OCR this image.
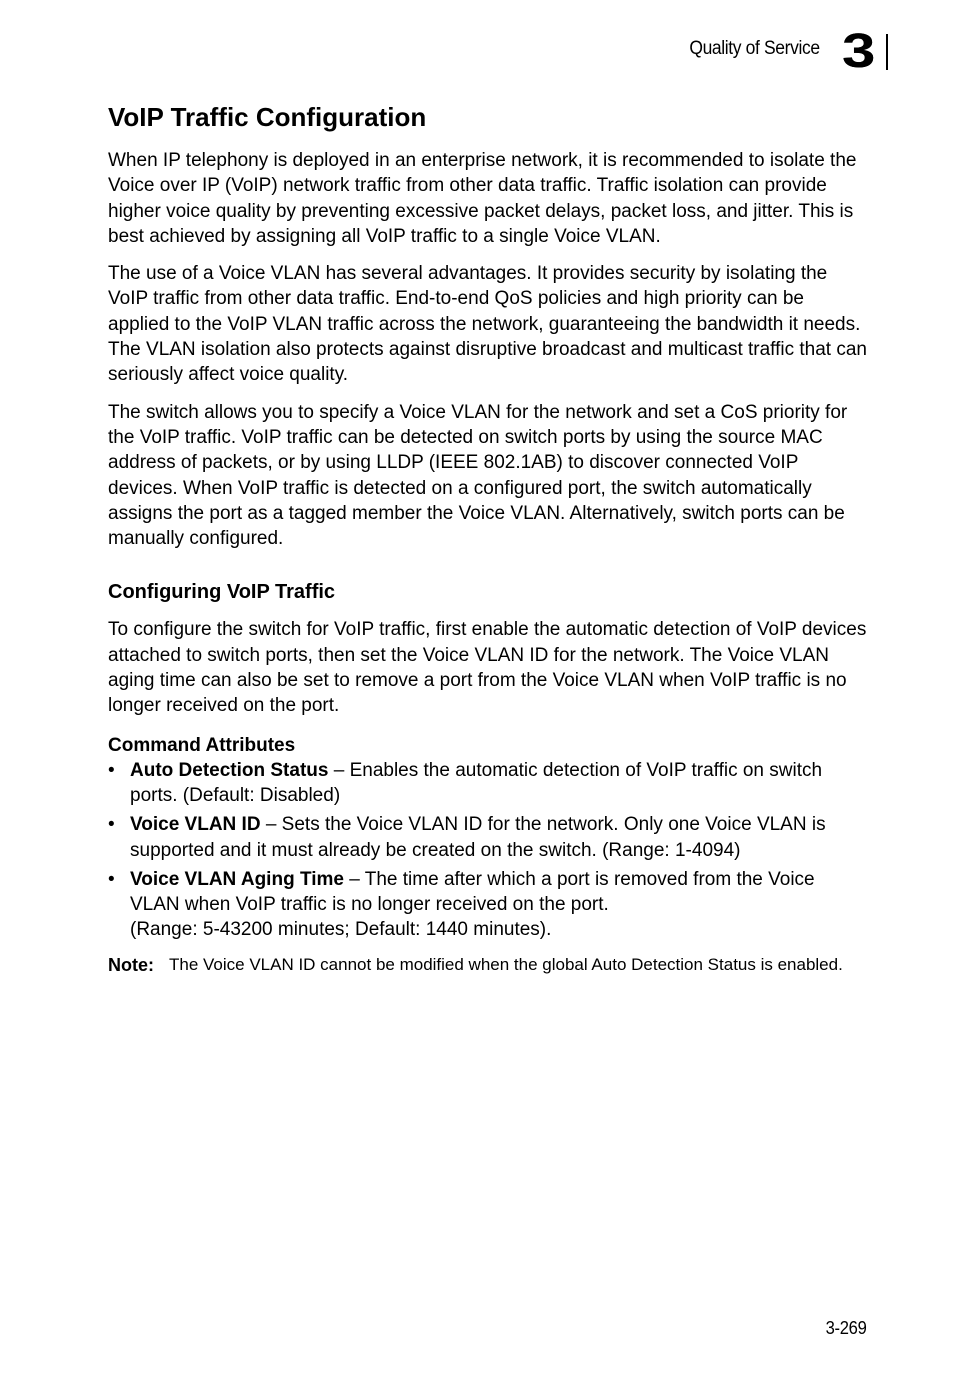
Quality of Service 3
VoIP Traffic Configuration

When IP telephony is deployed in an enterprise network, it is recommended to isolate the Voice over IP (VoIP) network traffic from other data traffic. Traffic isolation can provide higher voice quality by preventing excessive packet delays, packet loss, and jitter. This is best achieved by assigning all VoIP traffic to a single Voice VLAN.

The use of a Voice VLAN has several advantages. It provides security by isolating the VoIP traffic from other data traffic. End-to-end QoS policies and high priority can be applied to the VoIP VLAN traffic across the network, guaranteeing the bandwidth it needs. The VLAN isolation also protects against disruptive broadcast and multicast traffic that can seriously affect voice quality.

The switch allows you to specify a Voice VLAN for the network and set a CoS priority for the VoIP traffic. VoIP traffic can be detected on switch ports by using the source MAC address of packets, or by using LLDP (IEEE 802.1AB) to discover connected VoIP devices. When VoIP traffic is detected on a configured port, the switch automatically assigns the port as a tagged member the Voice VLAN. Alternatively, switch ports can be manually configured.

Configuring VoIP Traffic

To configure the switch for VoIP traffic, first enable the automatic detection of VoIP devices attached to switch ports, then set the Voice VLAN ID for the network. The Voice VLAN aging time can also be set to remove a port from the Voice VLAN when VoIP traffic is no longer received on the port.

Command Attributes
• Auto Detection Status – Enables the automatic detection of VoIP traffic on switch ports. (Default: Disabled)
• Voice VLAN ID – Sets the Voice VLAN ID for the network. Only one Voice VLAN is supported and it must already be created on the switch. (Range: 1-4094)
• Voice VLAN Aging Time – The time after which a port is removed from the Voice VLAN when VoIP traffic is no longer received on the port.
(Range: 5-43200 minutes; Default: 1440 minutes).
Note: The Voice VLAN ID cannot be modified when the global Auto Detection Status is enabled.
3-269
